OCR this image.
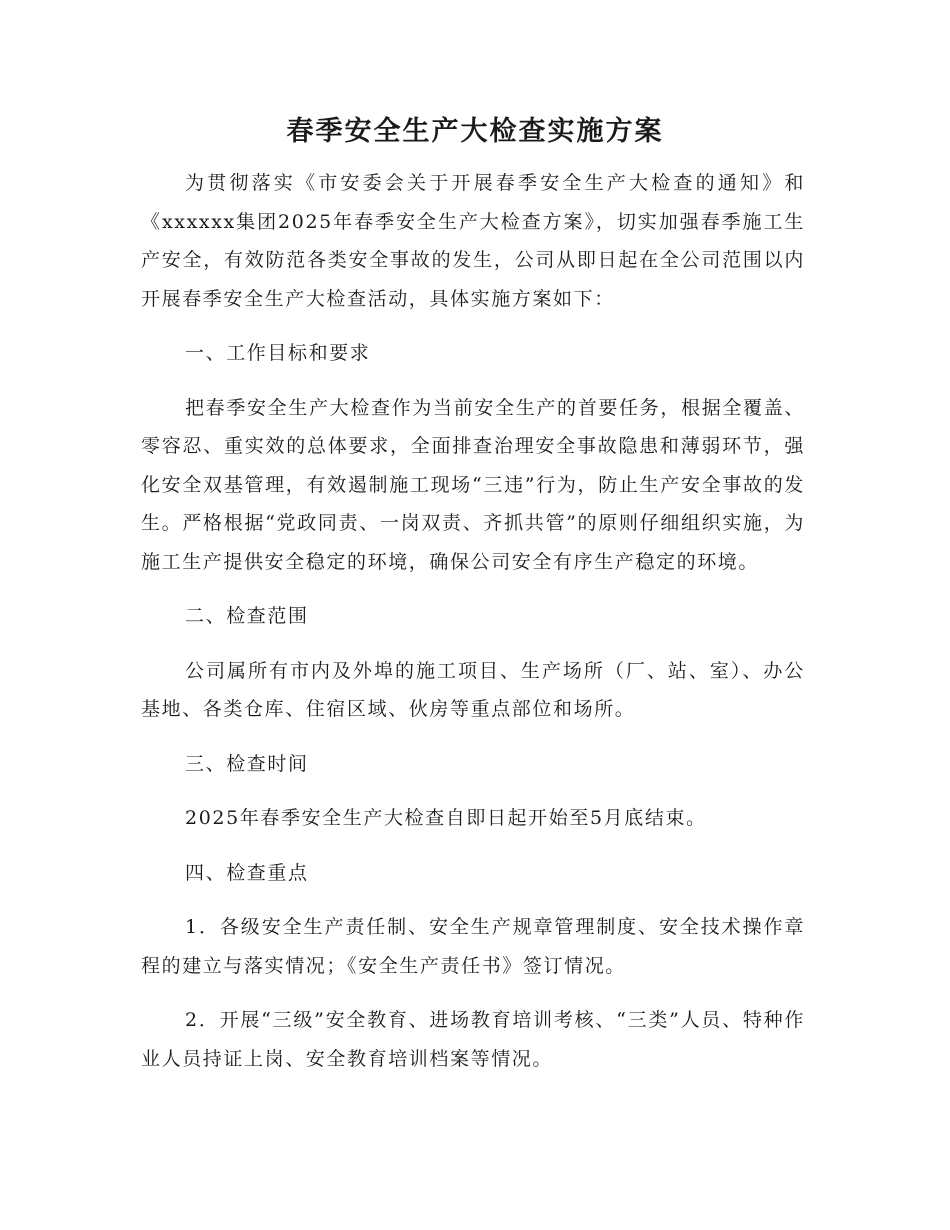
春季安全生产大检查实施方案

为贯彻落实《市安委会关于开展春季安全生产大检查的通知》和《xxxxxx集团2025年春季安全生产大检查方案》，切实加强春季施工生产安全，有效防范各类安全事故的发生，公司从即日起在全公司范围以内开展春季安全生产大检查活动，具体实施方案如下：

一、工作目标和要求

把春季安全生产大检查作为当前安全生产的首要任务，根据全覆盖、零容忍、重实效的总体要求，全面排查治理安全事故隐患和薄弱环节，强化安全双基管理，有效遏制施工现场“三违”行为，防止生产安全事故的发生。严格根据“党政同责、一岗双责、齐抓共管”的原则仔细组织实施，为施工生产提供安全稳定的环境，确保公司安全有序生产稳定的环境。

二、检查范围

公司属所有市内及外埠的施工项目、生产场所（厂、站、室）、办公基地、各类仓库、住宿区域、伙房等重点部位和场所。

三、检查时间

2025年春季安全生产大检查自即日起开始至5月底结束。

四、检查重点

1．各级安全生产责任制、安全生产规章管理制度、安全技术操作章程的建立与落实情况；《安全生产责任书》签订情况。

2．开展“三级”安全教育、进场教育培训考核、“三类”人员、特种作业人员持证上岗、安全教育培训档案等情况。
